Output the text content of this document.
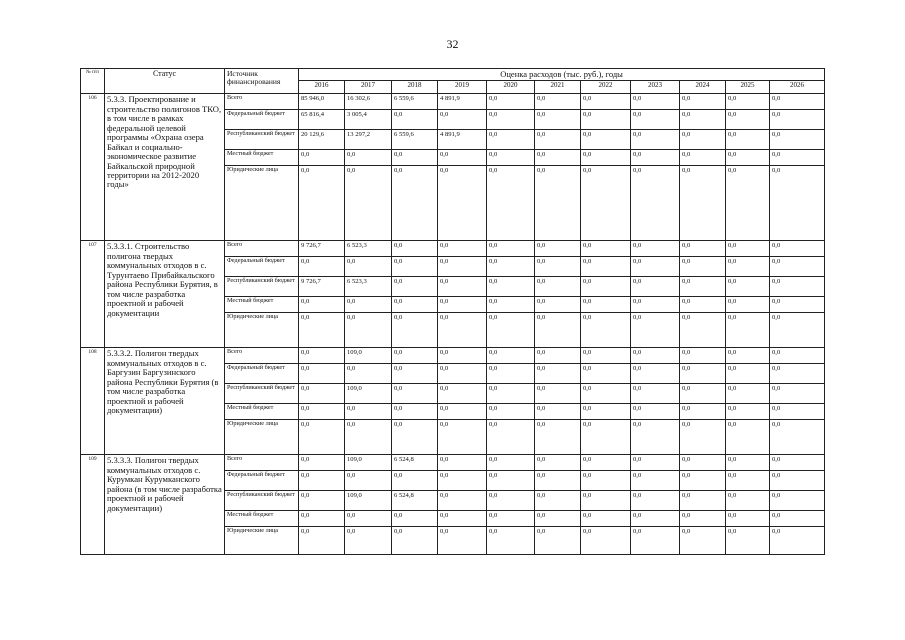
32
№ п/п	Статус	Источник финансирования	Оценка расходов (тыс. руб.), годы										
			2016	2017	2018	2019	2020	2021	2022	2023	2024	2025	2026
106	5.3.3. Проектирование и строительство полигонов ТКО, в том числе в рамках федеральной целевой программы «Охрана озера Байкал и социально-экономическое развитие Байкальской природной территории на 2012-2020 годы»	Всего	85 946,0	16 302,6	6 559,6	4 891,9	0,0	0,0	0,0	0,0	0,0	0,0	0,0
		Федеральный бюджет	65 816,4	3 005,4	0,0	0,0	0,0	0,0	0,0	0,0	0,0	0,0	0,0
		Республиканский бюджет	20 129,6	13 297,2	6 559,6	4 891,9	0,0	0,0	0,0	0,0	0,0	0,0	0,0
		Местный бюджет	0,0	0,0	0,0	0,0	0,0	0,0	0,0	0,0	0,0	0,0	0,0
		Юридические лица	0,0	0,0	0,0	0,0	0,0	0,0	0,0	0,0	0,0	0,0	0,0
107	5.3.3.1. Строительство полигона твердых коммунальных отходов в с. Турунтаево Прибайкальского района Республики Бурятия, в том числе разработка проектной и рабочей документации	Всего	9 726,7	6 523,3	0,0	0,0	0,0	0,0	0,0	0,0	0,0	0,0	0,0
		Федеральный бюджет	0,0	0,0	0,0	0,0	0,0	0,0	0,0	0,0	0,0	0,0	0,0
		Республиканский бюджет	9 726,7	6 523,3	0,0	0,0	0,0	0,0	0,0	0,0	0,0	0,0	0,0
		Местный бюджет	0,0	0,0	0,0	0,0	0,0	0,0	0,0	0,0	0,0	0,0	0,0
		Юридические лица	0,0	0,0	0,0	0,0	0,0	0,0	0,0	0,0	0,0	0,0	0,0
108	5.3.3.2. Полигон твердых коммунальных отходов в с. Баргузин Баргузинского района Республики Бурятия (в том числе разработка проектной и рабочей документации)	Всего	0,0	109,0	0,0	0,0	0,0	0,0	0,0	0,0	0,0	0,0	0,0
		Федеральный бюджет	0,0	0,0	0,0	0,0	0,0	0,0	0,0	0,0	0,0	0,0	0,0
		Республиканский бюджет	0,0	109,0	0,0	0,0	0,0	0,0	0,0	0,0	0,0	0,0	0,0
		Местный бюджет	0,0	0,0	0,0	0,0	0,0	0,0	0,0	0,0	0,0	0,0	0,0
		Юридические лица	0,0	0,0	0,0	0,0	0,0	0,0	0,0	0,0	0,0	0,0	0,0
109	5.3.3.3. Полигон твердых коммунальных отходов с. Курумкан Курумканского района (в том числе разработка проектной и рабочей документации)	Всего	0,0	109,0	6 524,8	0,0	0,0	0,0	0,0	0,0	0,0	0,0	0,0
		Федеральный бюджет	0,0	0,0	0,0	0,0	0,0	0,0	0,0	0,0	0,0	0,0	0,0
		Республиканский бюджет	0,0	109,0	6 524,8	0,0	0,0	0,0	0,0	0,0	0,0	0,0	0,0
		Местный бюджет	0,0	0,0	0,0	0,0	0,0	0,0	0,0	0,0	0,0	0,0	0,0
		Юридические лица	0,0	0,0	0,0	0,0	0,0	0,0	0,0	0,0	0,0	0,0	0,0
